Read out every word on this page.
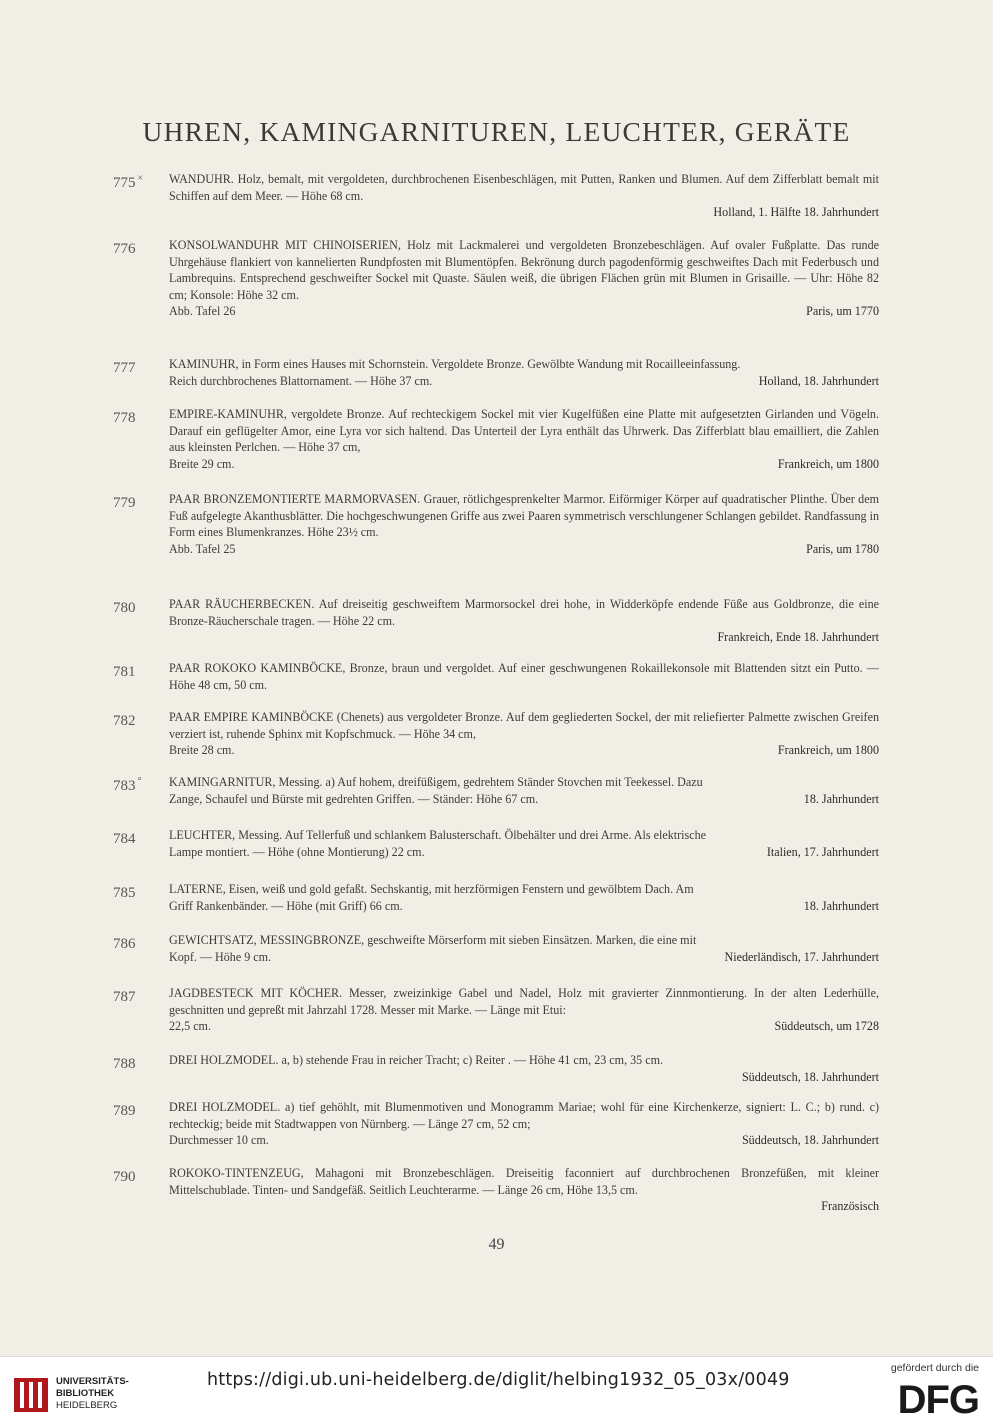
UHREN, KAMINGARNITUREN, LEUCHTER, GERÄTE
775 × WANDUHR. Holz, bemalt, mit vergoldeten, durchbrochenen Eisenbeschlägen, mit Putten, Ranken und Blumen. Auf dem Zifferblatt bemalt mit Schiffen auf dem Meer. — Höhe 68 cm.
Holland, 1. Hälfte 18. Jahrhundert
776	KONSOLWANDUHR MIT CHINOISERIEN, Holz mit Lackmalerei und vergoldeten Bronzebeschlägen. Auf ovaler Fußplatte. Das runde Uhrgehäuse flankiert von kannelierten Rundpfosten mit Blumentöpfen. Bekrönung durch pagodenförmig geschweiftes Dach mit Federbusch und Lambrequins. Entsprechend geschweifter Sockel mit Quaste. Säulen weiß, die übrigen Flächen grün mit Blumen in Grisaille. — Uhr: Höhe 82 cm; Konsole: Höhe 32 cm.
Abb. Tafel 26	Paris, um 1770
777	KAMINUHR, in Form eines Hauses mit Schornstein. Vergoldete Bronze. Gewölbte Wandung mit Rocailleeinfassung.
Reich durchbrochenes Blattornament. — Höhe 37 cm.	Holland, 18. Jahrhundert
778	EMPIRE-KAMINUHR, vergoldete Bronze. Auf rechteckigem Sockel mit vier Kugelfüßen eine Platte mit aufgesetzten Girlanden und Vögeln. Darauf ein geflügelter Amor, eine Lyra vor sich haltend. Das Unterteil der Lyra enthält das Uhrwerk. Das Zifferblatt blau emailliert, die Zahlen aus kleinsten Perlchen. — Höhe 37 cm,
Breite 29 cm.	Frankreich, um 1800
779	PAAR BRONZEMONTIERTE MARMORVASEN. Grauer, rötlichgesprenkelter Marmor. Eiförmiger Körper auf quadratischer Plinthe. Über dem Fuß aufgelegte Akanthusblätter. Die hochgeschwungenen Griffe aus zwei Paaren symmetrisch verschlungener Schlangen gebildet. Randfassung in Form eines Blumenkranzes. Höhe 23½ cm.
Abb. Tafel 25	Paris, um 1780
780	PAAR RÄUCHERBECKEN. Auf dreiseitig geschweiftem Marmorsockel drei hohe, in Widderköpfe endende Füße aus Goldbronze, die eine Bronze-Räucherschale tragen. — Höhe 22 cm.
Frankreich, Ende 18. Jahrhundert
781	PAAR ROKOKO KAMINBÖCKE, Bronze, braun und vergoldet. Auf einer geschwungenen Rokaillekonsole mit Blattenden sitzt ein Putto. — Höhe 48 cm, 50 cm.
782	PAAR EMPIRE KAMINBÖCKE (Chenets) aus vergoldeter Bronze. Auf dem gegliederten Sockel, der mit reliefierter Palmette zwischen Greifen verziert ist, ruhende Sphinx mit Kopfschmuck. — Höhe 34 cm,
Breite 28 cm.	Frankreich, um 1800
783 ° KAMINGARNITUR, Messing. a) Auf hohem, dreifüßigem, gedrehtem Ständer Stovchen mit Teekessel. Dazu
Zange, Schaufel und Bürste mit gedrehten Griffen. — Ständer: Höhe 67 cm.	18. Jahrhundert
784	LEUCHTER, Messing. Auf Tellerfuß und schlankem Balusterschaft. Ölbehälter und drei Arme. Als elektrische
Lampe montiert. — Höhe (ohne Montierung) 22 cm.	Italien, 17. Jahrhundert
785	LATERNE, Eisen, weiß und gold gefaßt. Sechskantig, mit herzförmigen Fenstern und gewölbtem Dach. Am
Griff Rankenbänder. — Höhe (mit Griff) 66 cm.	18. Jahrhundert
786	GEWICHTSATZ, MESSINGBRONZE, geschweifte Mörserform mit sieben Einsätzen. Marken, die eine mit
Kopf. — Höhe 9 cm.	Niederländisch, 17. Jahrhundert
787	JAGDBESTECK MIT KÖCHER. Messer, zweizinkige Gabel und Nadel, Holz mit gravierter Zinnmontierung. In der alten Lederhülle, geschnitten und gepreßt mit Jahrzahl 1728. Messer mit Marke. — Länge mit Etui:
22,5 cm.	Süddeutsch, um 1728
788	DREI HOLZMODEL. a, b) stehende Frau in reicher Tracht; c) Reiter . — Höhe 41 cm, 23 cm, 35 cm.
Süddeutsch, 18. Jahrhundert
789	DREI HOLZMODEL. a) tief gehöhlt, mit Blumenmotiven und Monogramm Mariae; wohl für eine Kirchenkerze, signiert: L. C.; b) rund. c) rechteckig; beide mit Stadtwappen von Nürnberg. — Länge 27 cm, 52 cm;
Durchmesser 10 cm.	Süddeutsch, 18. Jahrhundert
790	ROKOKO-TINTENZEUG, Mahagoni mit Bronzebeschlägen. Dreiseitig faconniert auf durchbrochenen Bronzefüßen, mit kleiner Mittelschublade. Tinten- und Sandgefäß. Seitlich Leuchterarme. — Länge 26 cm, Höhe 13,5 cm.
Französisch
49
UNIVERSITÄTS-
BIBLIOTHEK
HEIDELBERG
https://digi.ub.uni-heidelberg.de/diglit/helbing1932_05_03x/0049
gefördert durch die
DFG
